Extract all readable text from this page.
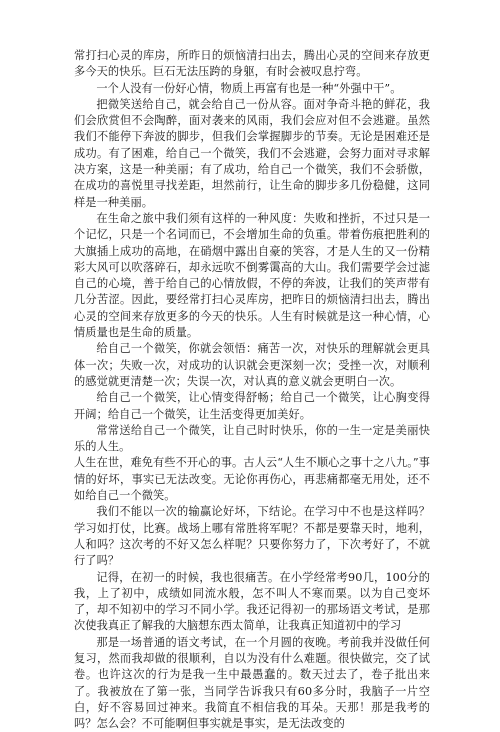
常打扫心灵的库房，所昨日的烦恼清扫出去，腾出心灵的空间来存放更多今天的快乐。巨石无法压跨的身躯，有时会被叹息拧弯。

一个人没有一份好心情，物质上再富有也是一种“外强中干”。

把微笑送给自己，就会给自己一份从容。面对争奇斗艳的鲜花，我们会欣赏但不会陶醉，面对袭来的风雨，我们会应对但不会逃避。虽然我们不能停下奔波的脚步，但我们会掌握脚步的节奏。无论是困难还是成功。有了困难，给自己一个微笑，我们不会逃避，会努力面对寻求解决方案，这是一种美丽；有了成功，给自己一个微笑，我们不会骄傲，在成功的喜悦里寻找差距，坦然前行，让生命的脚步多几份稳健，这同样是一种美丽。

在生命之旅中我们须有这样的一种风度：失败和挫折，不过只是一个记忆，只是一个名词而已，不会增加生命的负重。带着伤痕把胜利的大旗插上成功的高地，在硝烟中露出自豪的笑容，才是人生的又一份精彩大风可以吹落碎石，却永远吹不倒雾霭高的大山。我们需要学会过滤自己的心境，善于给自己的心情放假，不停的奔波，让我们的笑声带有几分苦涩。因此，要经常打扫心灵库房，把昨日的烦恼清扫出去，腾出心灵的空间来存放更多的今天的快乐。人生有时候就是这一种心情，心情质量也是生命的质量。

给自己一个微笑，你就会领悟：痛苦一次，对快乐的理解就会更具体一次；失败一次，对成功的认识就会更深刻一次；受挫一次，对顺利的感觉就更清楚一次；失误一次，对认真的意义就会更明白一次。

给自己一个微笑，让心情变得舒畅；给自己一个微笑，让心胸变得开阔；给自己一个微笑，让生活变得更加美好。

常常送给自己一个微笑，让自己时时快乐，你的一生一定是美丽快乐的人生。

人生在世，难免有些不开心的事。古人云“人生不顺心之事十之八九。”事情的好坏，事实已无法改变。无论你再伤心，再悲痛都毫无用处，还不如给自己一个微笑。

我们不能以一次的输赢论好坏，下结论。在学习中不也是这样吗？学习如打仗，比赛。战场上哪有常胜将军呢？不都是要靠天时，地利，人和吗？这次考的不好又怎么样呢？只要你努力了，下次考好了，不就行了吗？

记得，在初一的时候，我也很痛苦。在小学经常考90几，100分的我，上了初中，成绩如同流水般，怎不叫人不寒而栗。以为自己变坏了，却不知初中的学习不同小学。我还记得初一的那场语文考试，是那次使我真正了解我的大脑想东西太简单，让我真正知道初中的学习

那是一场普通的语文考试，在一个月圆的夜晚。考前我并没做任何复习，然而我却做的很顺利，自以为没有什么难题。很快做完，交了试卷。也许这次的行为是我一生中最愚蠢的。数天过去了，卷子批出来了。我被放在了第一张，当同学告诉我只有60多分时，我脑子一片空白，好不容易回过神来。我简直不相信我的耳朵。天那！那是我考的吗？怎么会？不可能啊但事实就是事实，是无法改变的
